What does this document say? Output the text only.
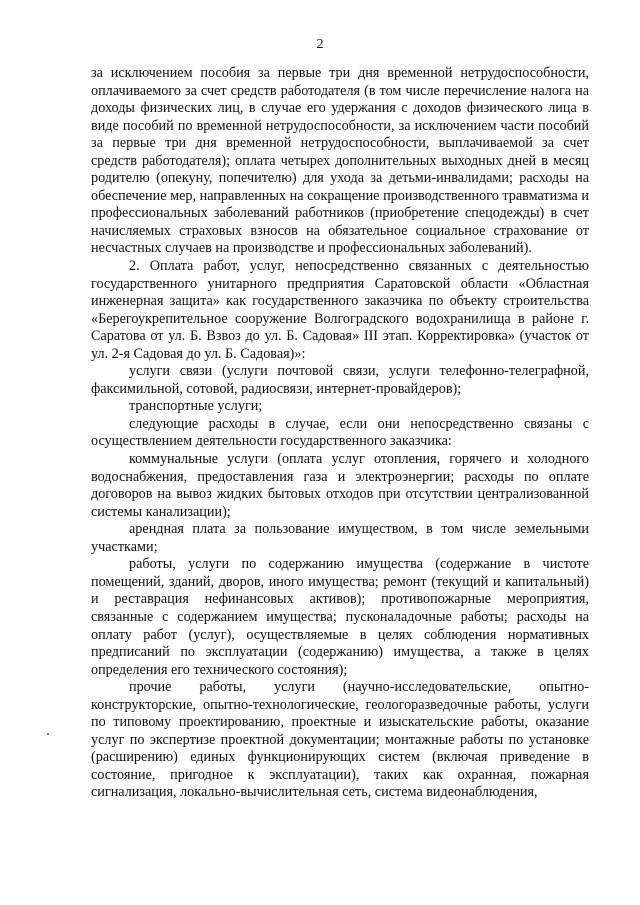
2

за исключением пособия за первые три дня временной нетрудоспособности, оплачиваемого за счет средств работодателя (в том числе перечисление налога на доходы физических лиц, в случае его удержания с доходов физического лица в виде пособий по временной нетрудоспособности, за исключением части пособий за первые три дня временной нетрудоспособности, выплачиваемой за счет средств работодателя); оплата четырех дополнительных выходных дней в месяц родителю (опекуну, попечителю) для ухода за детьми-инвалидами; расходы на обеспечение мер, направленных на сокращение производственного травматизма и профессиональных заболеваний работников (приобретение спецодежды) в счет начисляемых страховых взносов на обязательное социальное страхование от несчастных случаев на производстве и профессиональных заболеваний).

2. Оплата работ, услуг, непосредственно связанных с деятельностью государственного унитарного предприятия Саратовской области «Областная инженерная защита» как государственного заказчика по объекту строительства «Берегоукрепительное сооружение Волгоградского водохранилища в районе г. Саратова от ул. Б. Взвоз до ул. Б. Садовая» III этап. Корректировка» (участок от ул. 2-я Садовая до ул. Б. Садовая)»:

услуги связи (услуги почтовой связи, услуги телефонно-телеграфной, факсимильной, сотовой, радиосвязи, интернет-провайдеров);

транспортные услуги;

следующие расходы в случае, если они непосредственно связаны с осуществлением деятельности государственного заказчика:

коммунальные услуги (оплата услуг отопления, горячего и холодного водоснабжения, предоставления газа и электроэнергии; расходы по оплате договоров на вывоз жидких бытовых отходов при отсутствии централизованной системы канализации);

арендная плата за пользование имуществом, в том числе земельными участками;

работы, услуги по содержанию имущества (содержание в чистоте помещений, зданий, дворов, иного имущества; ремонт (текущий и капитальный) и реставрация нефинансовых активов); противопожарные мероприятия, связанные с содержанием имущества; пусконаладочные работы; расходы на оплату работ (услуг), осуществляемые в целях соблюдения нормативных предписаний по эксплуатации (содержанию) имущества, а также в целях определения его технического состояния);

прочие работы, услуги (научно-исследовательские, опытно-конструкторские, опытно-технологические, геологоразведочные работы, услуги по типовому проектированию, проектные и изыскательские работы, оказание услуг по экспертизе проектной документации; монтажные работы по установке (расширению) единых функционирующих систем (включая приведение в состояние, пригодное к эксплуатации), таких как охранная, пожарная сигнализация, локально-вычислительная сеть, система видеонаблюдения,
